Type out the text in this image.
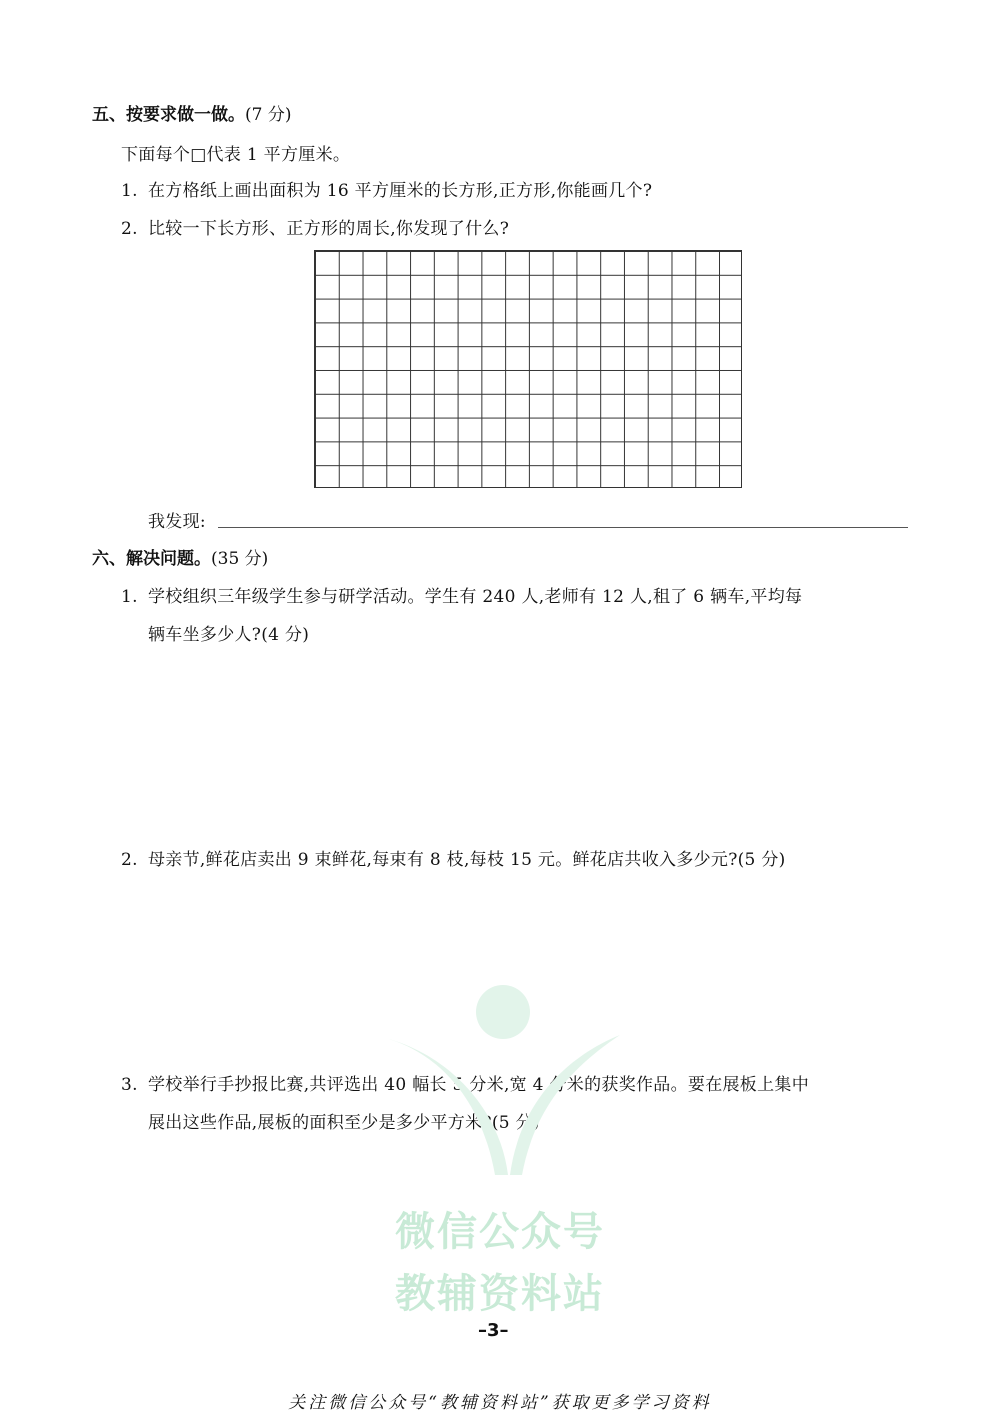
五、按要求做一做。(7 分)
下面每个□代表 1 平方厘米。
1. 在方格纸上画出面积为 16 平方厘米的长方形,正方形,你能画几个?
2. 比较一下长方形、正方形的周长,你发现了什么?
我发现:
六、解决问题。(35 分)
1. 学校组织三年级学生参与研学活动。学生有 240 人,老师有 12 人,租了 6 辆车,平均每
辆车坐多少人?(4 分)
2. 母亲节,鲜花店卖出 9 束鲜花,每束有 8 枝,每枝 15 元。鲜花店共收入多少元?(5 分)
3. 学校举行手抄报比赛,共评选出 40 幅长 5 分米,宽 4 分米的获奖作品。要在展板上集中
展出这些作品,展板的面积至少是多少平方米?(5 分)
微信公众号
教辅资料站
–3–
关注微信公众号“教辅资料站”获取更多学习资料
